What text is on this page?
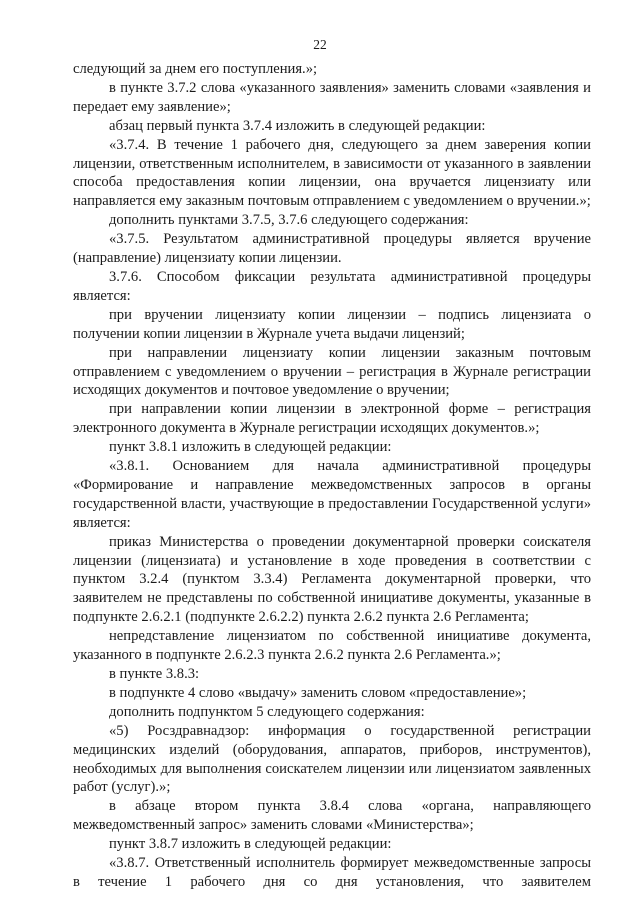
22

следующий за днем его поступления.»;

в пункте 3.7.2 слова «указанного заявления» заменить словами «заявления и передает ему заявление»;

абзац первый пункта 3.7.4 изложить в следующей редакции:

«3.7.4. В течение 1 рабочего дня, следующего за днем заверения копии лицензии, ответственным исполнителем, в зависимости от указанного в заявлении способа предоставления копии лицензии, она вручается лицензиату или направляется ему заказным почтовым отправлением с уведомлением о вручении.»;

дополнить пунктами 3.7.5, 3.7.6 следующего содержания:

«3.7.5. Результатом административной процедуры является вручение (направление) лицензиату копии лицензии.

3.7.6. Способом фиксации результата административной процедуры является:

при вручении лицензиату копии лицензии – подпись лицензиата о получении копии лицензии в Журнале учета выдачи лицензий;

при направлении лицензиату копии лицензии заказным почтовым отправлением с уведомлением о вручении – регистрация в Журнале регистрации исходящих документов и почтовое уведомление о вручении;

при направлении копии лицензии в электронной форме – регистрация электронного документа в Журнале регистрации исходящих документов.»;

пункт 3.8.1 изложить в следующей редакции:

«3.8.1. Основанием для начала административной процедуры «Формирование и направление межведомственных запросов в органы государственной власти, участвующие в предоставлении Государственной услуги» является:

приказ Министерства о проведении документарной проверки соискателя лицензии (лицензиата) и установление в ходе проведения в соответствии с пунктом 3.2.4 (пунктом 3.3.4) Регламента документарной проверки, что заявителем не представлены по собственной инициативе документы, указанные в подпункте 2.6.2.1 (подпункте 2.6.2.2) пункта 2.6.2 пункта 2.6 Регламента;

непредставление лицензиатом по собственной инициативе документа, указанного в подпункте 2.6.2.3 пункта 2.6.2 пункта 2.6 Регламента.»;

в пункте 3.8.3:

в подпункте 4 слово «выдачу» заменить словом «предоставление»;

дополнить подпунктом 5 следующего содержания:

«5) Росздравнадзор: информация о государственной регистрации медицинских изделий (оборудования, аппаратов, приборов, инструментов), необходимых для выполнения соискателем лицензии или лицензиатом заявленных работ (услуг).»;

в абзаце втором пункта 3.8.4 слова «органа, направляющего межведомственный запрос» заменить словами «Министерства»;

пункт 3.8.7 изложить в следующей редакции:

«3.8.7. Ответственный исполнитель формирует межведомственные запросы в течение 1 рабочего дня со дня установления, что заявителем
